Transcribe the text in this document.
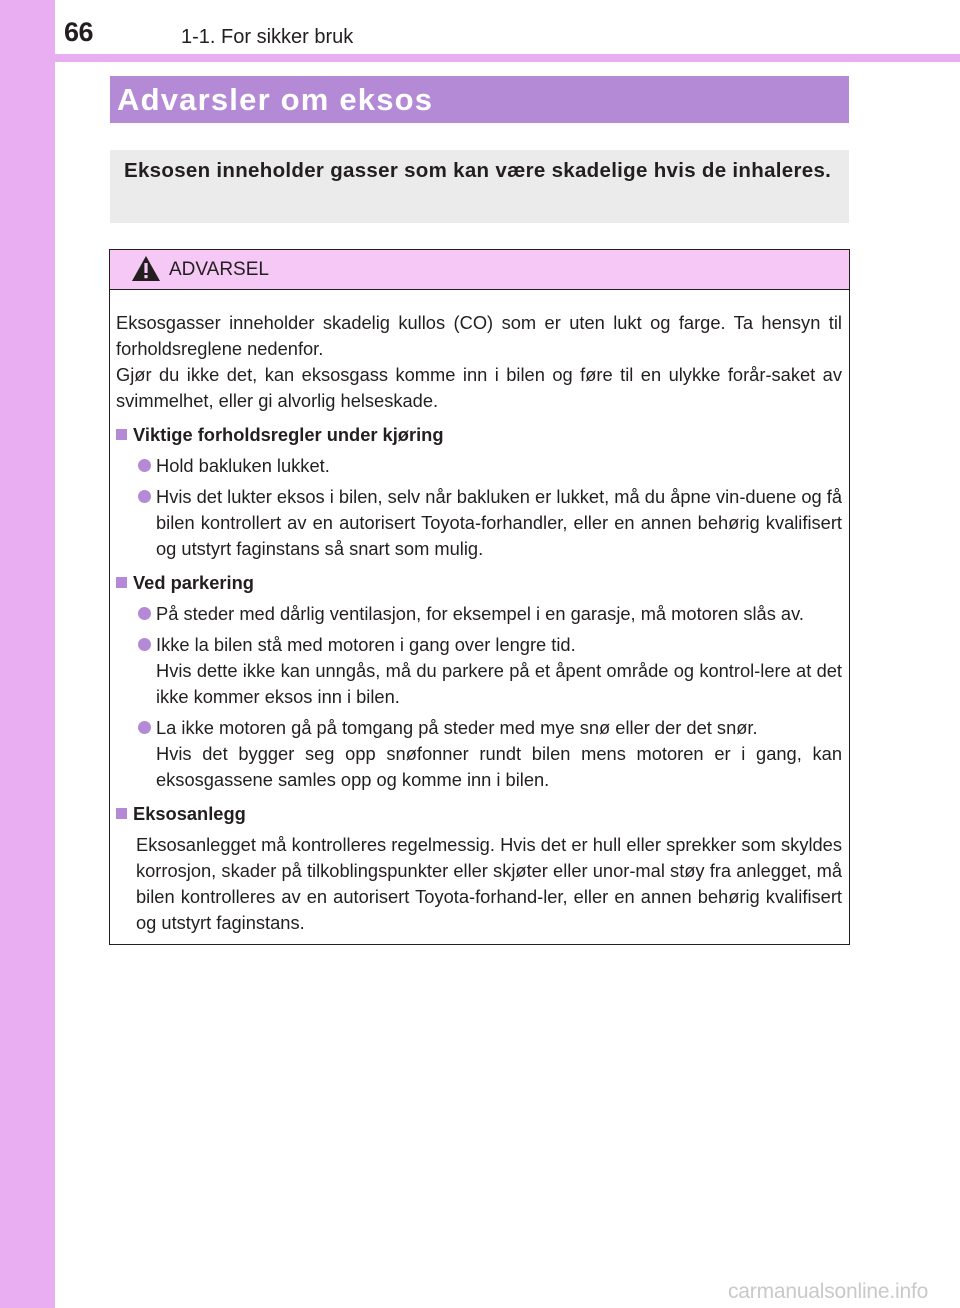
66	1-1. For sikker bruk
Advarsler om eksos
Eksosen inneholder gasser som kan være skadelige hvis de inhaleres.
ADVARSEL

Eksosgasser inneholder skadelig kullos (CO) som er uten lukt og farge. Ta hensyn til forholdsreglene nedenfor.

Gjør du ikke det, kan eksosgass komme inn i bilen og føre til en ulykke forår-saket av svimmelhet, eller gi alvorlig helseskade.

Viktige forholdsregler under kjøring
Hold bakluken lukket.
Hvis det lukter eksos i bilen, selv når bakluken er lukket, må du åpne vin-duene og få bilen kontrollert av en autorisert Toyota-forhandler, eller en annen behørig kvalifisert og utstyrt faginstans så snart som mulig.
Ved parkering
På steder med dårlig ventilasjon, for eksempel i en garasje, må motoren slås av.
Ikke la bilen stå med motoren i gang over lengre tid.
Hvis dette ikke kan unngås, må du parkere på et åpent område og kontrol-lere at det ikke kommer eksos inn i bilen.
La ikke motoren gå på tomgang på steder med mye snø eller der det snør.
Hvis det bygger seg opp snøfonner rundt bilen mens motoren er i gang, kan eksosgassene samles opp og komme inn i bilen.
Eksosanlegg

Eksosanlegget må kontrolleres regelmessig. Hvis det er hull eller sprekker som skyldes korrosjon, skader på tilkoblingspunkter eller skjøter eller unor-mal støy fra anlegget, må bilen kontrolleres av en autorisert Toyota-forhand-ler, eller en annen behørig kvalifisert og utstyrt faginstans.

carmanualsonline.info
